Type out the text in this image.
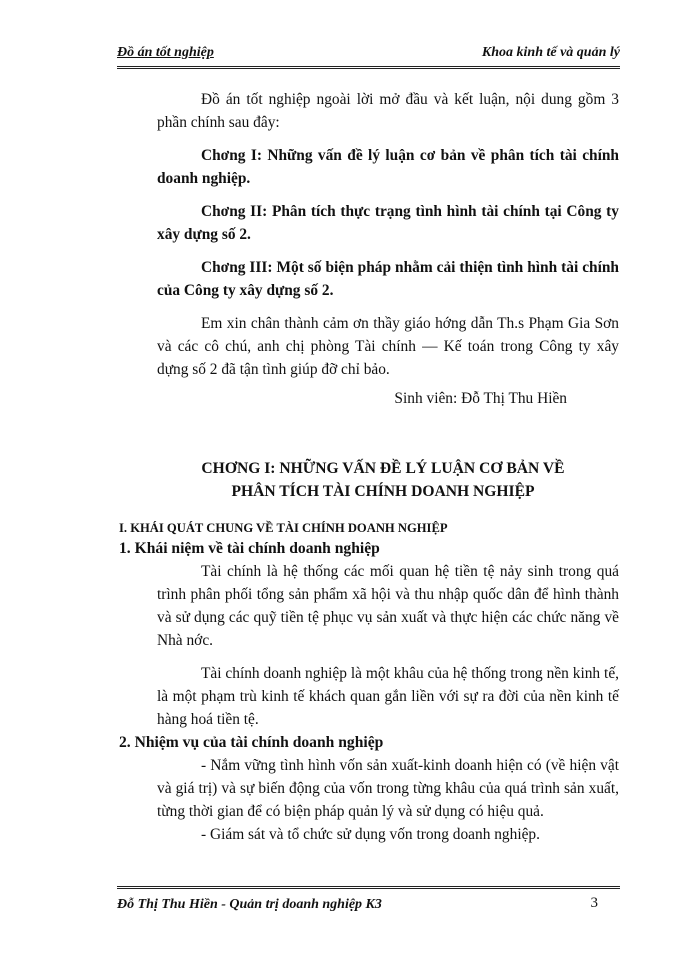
Đồ án tốt nghiệp	Khoa kinh tế và quản lý

Đồ án tốt nghiệp ngoài lời mở đầu và kết luận, nội dung gồm 3 phần chính sau đây:

Chơng I: Những vấn đề lý luận cơ bản về phân tích tài chính doanh nghiệp.

Chơng II: Phân tích thực trạng tình hình tài chính tại Công ty xây dựng số 2.

Chơng III: Một số biện pháp nhằm cải thiện tình hình tài chính của Công ty xây dựng số 2.

Em xin chân thành cảm ơn thầy giáo hớng dẫn Th.s Phạm Gia Sơn và các cô chú, anh chị phòng Tài chính — Kế toán trong Công ty xây dựng số 2 đã tận tình giúp đỡ chỉ bảo.

Sinh viên: Đỗ Thị Thu Hiền

CHƠNG I: NHỮNG VẤN ĐỀ LÝ LUẬN CƠ BẢN VỀ
PHÂN TÍCH TÀI CHÍNH DOANH NGHIỆP
I. KHÁI QUÁT CHUNG VỀ TÀI CHÍNH DOANH NGHIỆP
1. Khái niệm về tài chính doanh nghiệp

Tài chính là hệ thống các mối quan hệ tiền tệ nảy sinh trong quá trình phân phối tổng sản phẩm xã hội và thu nhập quốc dân để hình thành và sử dụng các quỹ tiền tệ phục vụ sản xuất và thực hiện các chức năng về Nhà nớc.

Tài chính doanh nghiệp là một khâu của hệ thống trong nền kinh tế, là một phạm trù kinh tế khách quan gắn liền với sự ra đời của nền kinh tế hàng hoá tiền tệ.

2. Nhiệm vụ của tài chính doanh nghiệp

- Nắm vững tình hình vốn sản xuất-kinh doanh hiện có (về hiện vật và giá trị) và sự biến động của vốn trong từng khâu của quá trình sản xuất, từng thời gian để có biện pháp quản lý và sử dụng có hiệu quả.

- Giám sát và tổ chức sử dụng vốn trong doanh nghiệp.

Đỗ Thị Thu Hiền - Quản trị doanh nghiệp K3	3
